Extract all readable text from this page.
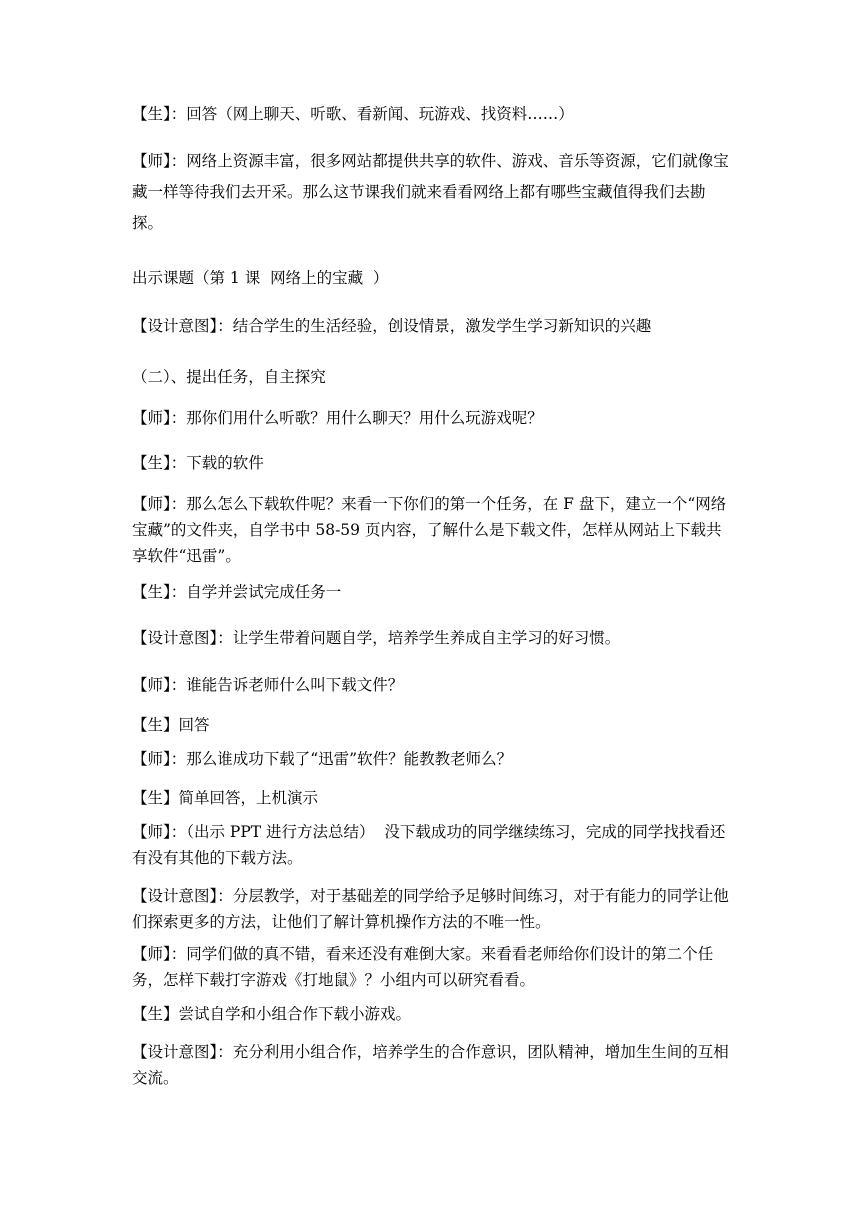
【生】：回答（网上聊天、听歌、看新闻、玩游戏、找资料……）

【师】：网络上资源丰富，很多网站都提供共享的软件、游戏、音乐等资源，它们就像宝藏一样等待我们去开采。那么这节课我们就来看看网络上都有哪些宝藏值得我们去勘探。

出示课题（第 1 课  网络上的宝藏  ）

【设计意图】：结合学生的生活经验，创设情景，激发学生学习新知识的兴趣

（二）、提出任务，自主探究

【师】：那你们用什么听歌？用什么聊天？用什么玩游戏呢？

【生】：下载的软件

【师】：那么怎么下载软件呢？来看一下你们的第一个任务，在 F 盘下，建立一个“网络宝藏”的文件夹，自学书中 58-59 页内容，了解什么是下载文件，怎样从网站上下载共享软件“迅雷”。

【生】：自学并尝试完成任务一

【设计意图】：让学生带着问题自学，培养学生养成自主学习的好习惯。

【师】：谁能告诉老师什么叫下载文件？

【生】回答

【师】：那么谁成功下载了“迅雷”软件？能教教老师么？

【生】简单回答，上机演示

【师】：（出示 PPT 进行方法总结）  没下载成功的同学继续练习，完成的同学找找看还有没有其他的下载方法。

【设计意图】：分层教学，对于基础差的同学给予足够时间练习，对于有能力的同学让他们探索更多的方法，让他们了解计算机操作方法的不唯一性。

【师】：同学们做的真不错，看来还没有难倒大家。来看看老师给你们设计的第二个任务，怎样下载打字游戏《打地鼠》？小组内可以研究看看。

【生】尝试自学和小组合作下载小游戏。

【设计意图】：充分利用小组合作，培养学生的合作意识，团队精神，增加生生间的互相交流。
